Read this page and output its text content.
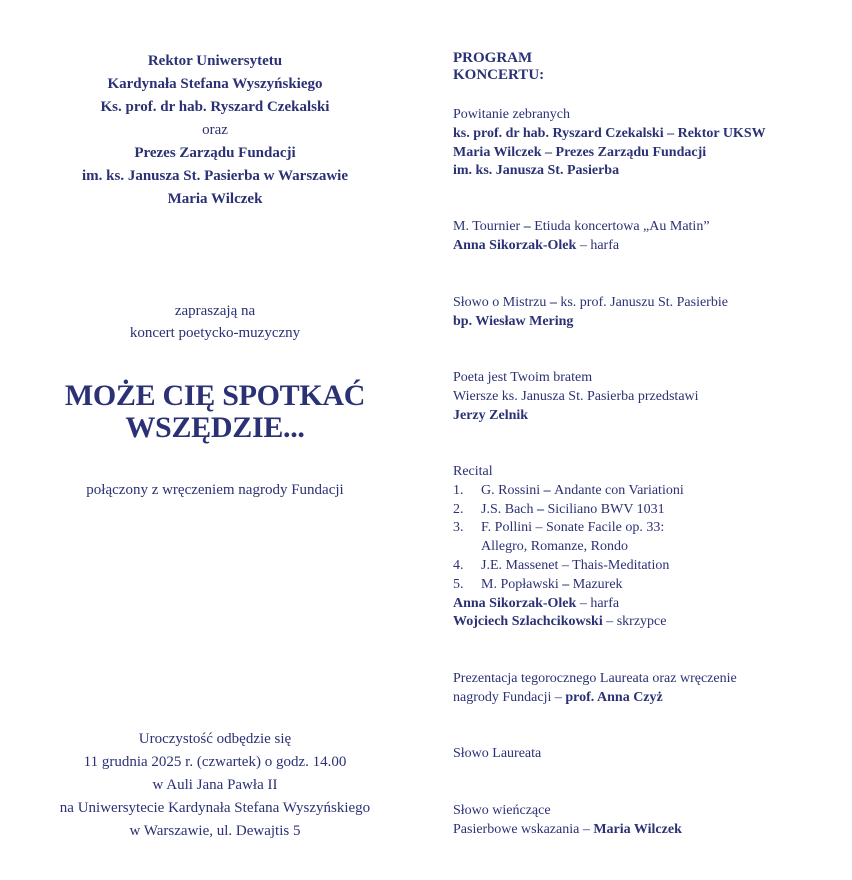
Rektor Uniwersytetu
Kardynała Stefana Wyszyńskiego
Ks. prof. dr hab. Ryszard Czekalski
oraz
Prezes Zarządu Fundacji
im. ks. Janusza St. Pasierba w Warszawie
Maria Wilczek
zapraszają na
koncert poetycko-muzyczny
MOŻE CIĘ SPOTKAĆ
WSZĘDZIE...
połączony z wręczeniem nagrody Fundacji
Uroczystość odbędzie się
11 grudnia 2025 r. (czwartek) o godz. 14.00
w Auli Jana Pawła II
na Uniwersytecie Kardynała Stefana Wyszyńskiego
w Warszawie, ul. Dewajtis 5
PROGRAM
KONCERTU:
Powitanie zebranych
ks. prof. dr hab. Ryszard Czekalski – Rektor UKSW
Maria Wilczek – Prezes Zarządu Fundacji
im. ks. Janusza St. Pasierba
M. Tournier – Etiuda koncertowa „Au Matin”
Anna Sikorzak-Olek – harfa
Słowo o Mistrzu – ks. prof. Januszu St. Pasierbie
bp. Wiesław Mering
Poeta jest Twoim bratem
Wiersze ks. Janusza St. Pasierba przedstawi
Jerzy Zelnik
Recital
1.	G. Rossini – Andante con Variationi
2.	J.S. Bach – Siciliano BWV 1031
3.	F. Pollini – Sonate Facile op. 33:
Allegro, Romanze, Rondo
4.	J.E. Massenet – Thais-Meditation
5.	M. Popławski – Mazurek
Anna Sikorzak-Olek – harfa
Wojciech Szlachcikowski – skrzypce
Prezentacja tegorocznego Laureata oraz wręczenie
nagrody Fundacji – prof. Anna Czyż
Słowo Laureata
Słowo wieńczące
Pasierbowe wskazania – Maria Wilczek
